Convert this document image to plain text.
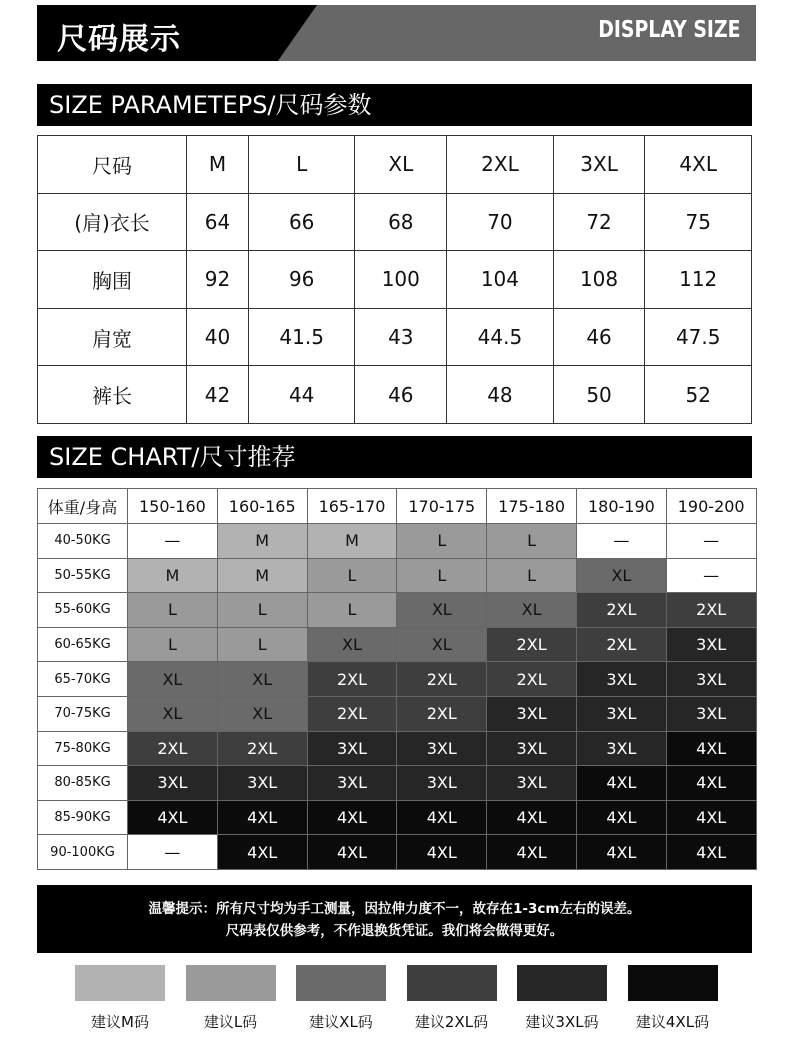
尺码展示	DISPLAY SIZE
SIZE PARAMETEPS/尺码参数
尺码	M	L	XL	2XL	3XL	4XL
(肩)衣长	64	66	68	70	72	75
胸围	92	96	100	104	108	112
肩宽	40	41.5	43	44.5	46	47.5
裤长	42	44	46	48	50	52
SIZE CHART/尺寸推荐
体重/身高	150-160	160-165	165-170	170-175	175-180	180-190	190-200
40-50KG	—	M	M	L	L	—	—
50-55KG	M	M	L	L	L	XL	—
55-60KG	L	L	L	XL	XL	2XL	2XL
60-65KG	L	L	XL	XL	2XL	2XL	3XL
65-70KG	XL	XL	2XL	2XL	2XL	3XL	3XL
70-75KG	XL	XL	2XL	2XL	3XL	3XL	3XL
75-80KG	2XL	2XL	3XL	3XL	3XL	3XL	4XL
80-85KG	3XL	3XL	3XL	3XL	3XL	4XL	4XL
85-90KG	4XL	4XL	4XL	4XL	4XL	4XL	4XL
90-100KG	—	4XL	4XL	4XL	4XL	4XL	4XL
温馨提示：所有尺寸均为手工测量，因拉伸力度不一，故存在1-3cm左右的误差。
尺码表仅供参考，不作退换货凭证。我们将会做得更好。
建议M码	建议L码	建议XL码	建议2XL码	建议3XL码	建议4XL码
